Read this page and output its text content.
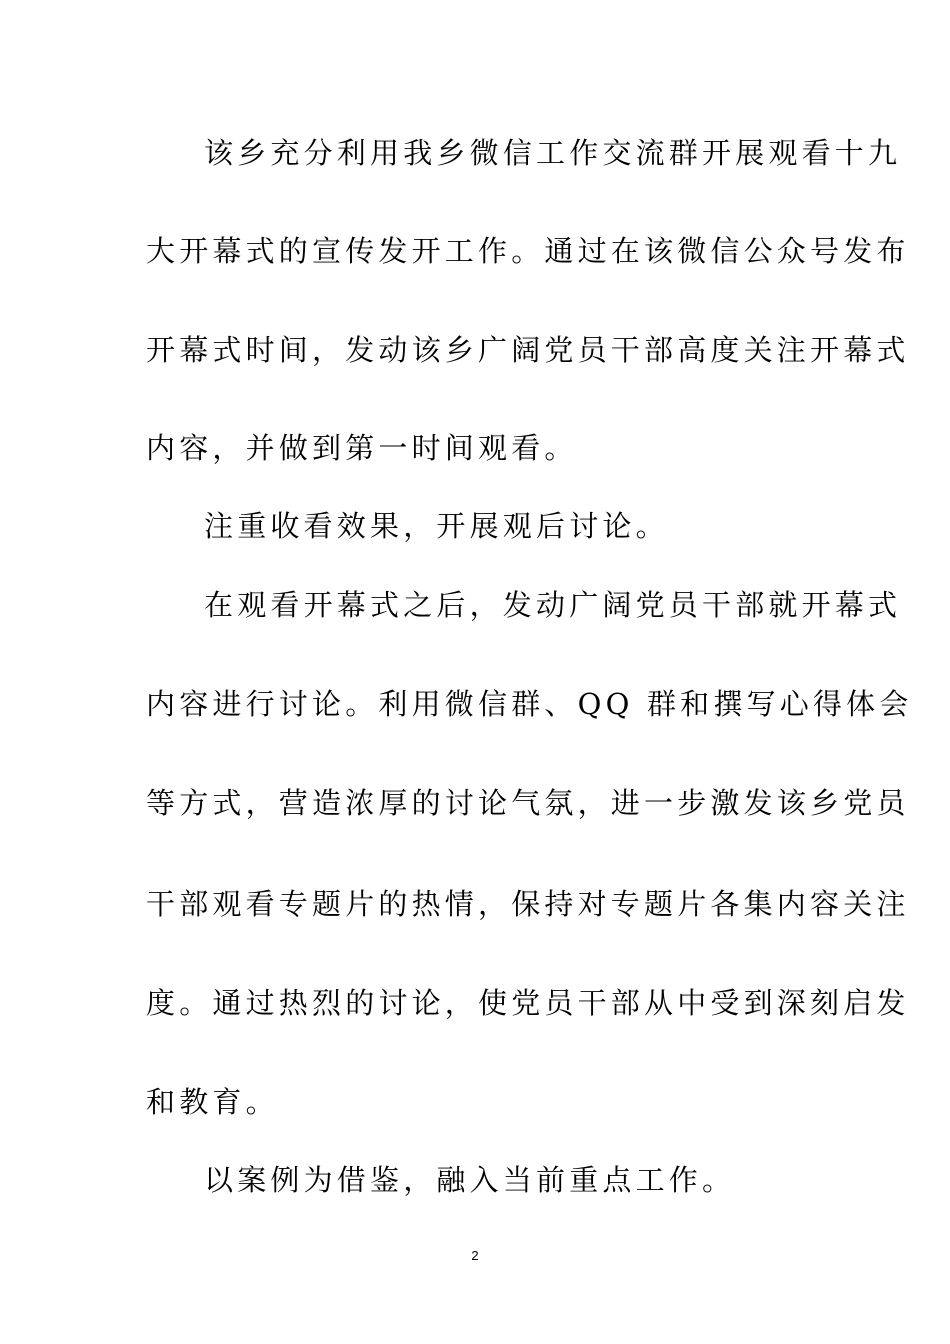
该乡充分利用我乡微信工作交流群开展观看十九
大开幕式的宣传发开工作。通过在该微信公众号发布
开幕式时间，发动该乡广阔党员干部高度关注开幕式
内容，并做到第一时间观看。
注重收看效果，开展观后讨论。
在观看开幕式之后，发动广阔党员干部就开幕式
内容进行讨论。利用微信群、QQ 群和撰写心得体会
等方式，营造浓厚的讨论气氛，进一步激发该乡党员
干部观看专题片的热情，保持对专题片各集内容关注
度。通过热烈的讨论，使党员干部从中受到深刻启发
和教育。
以案例为借鉴，融入当前重点工作。
2
